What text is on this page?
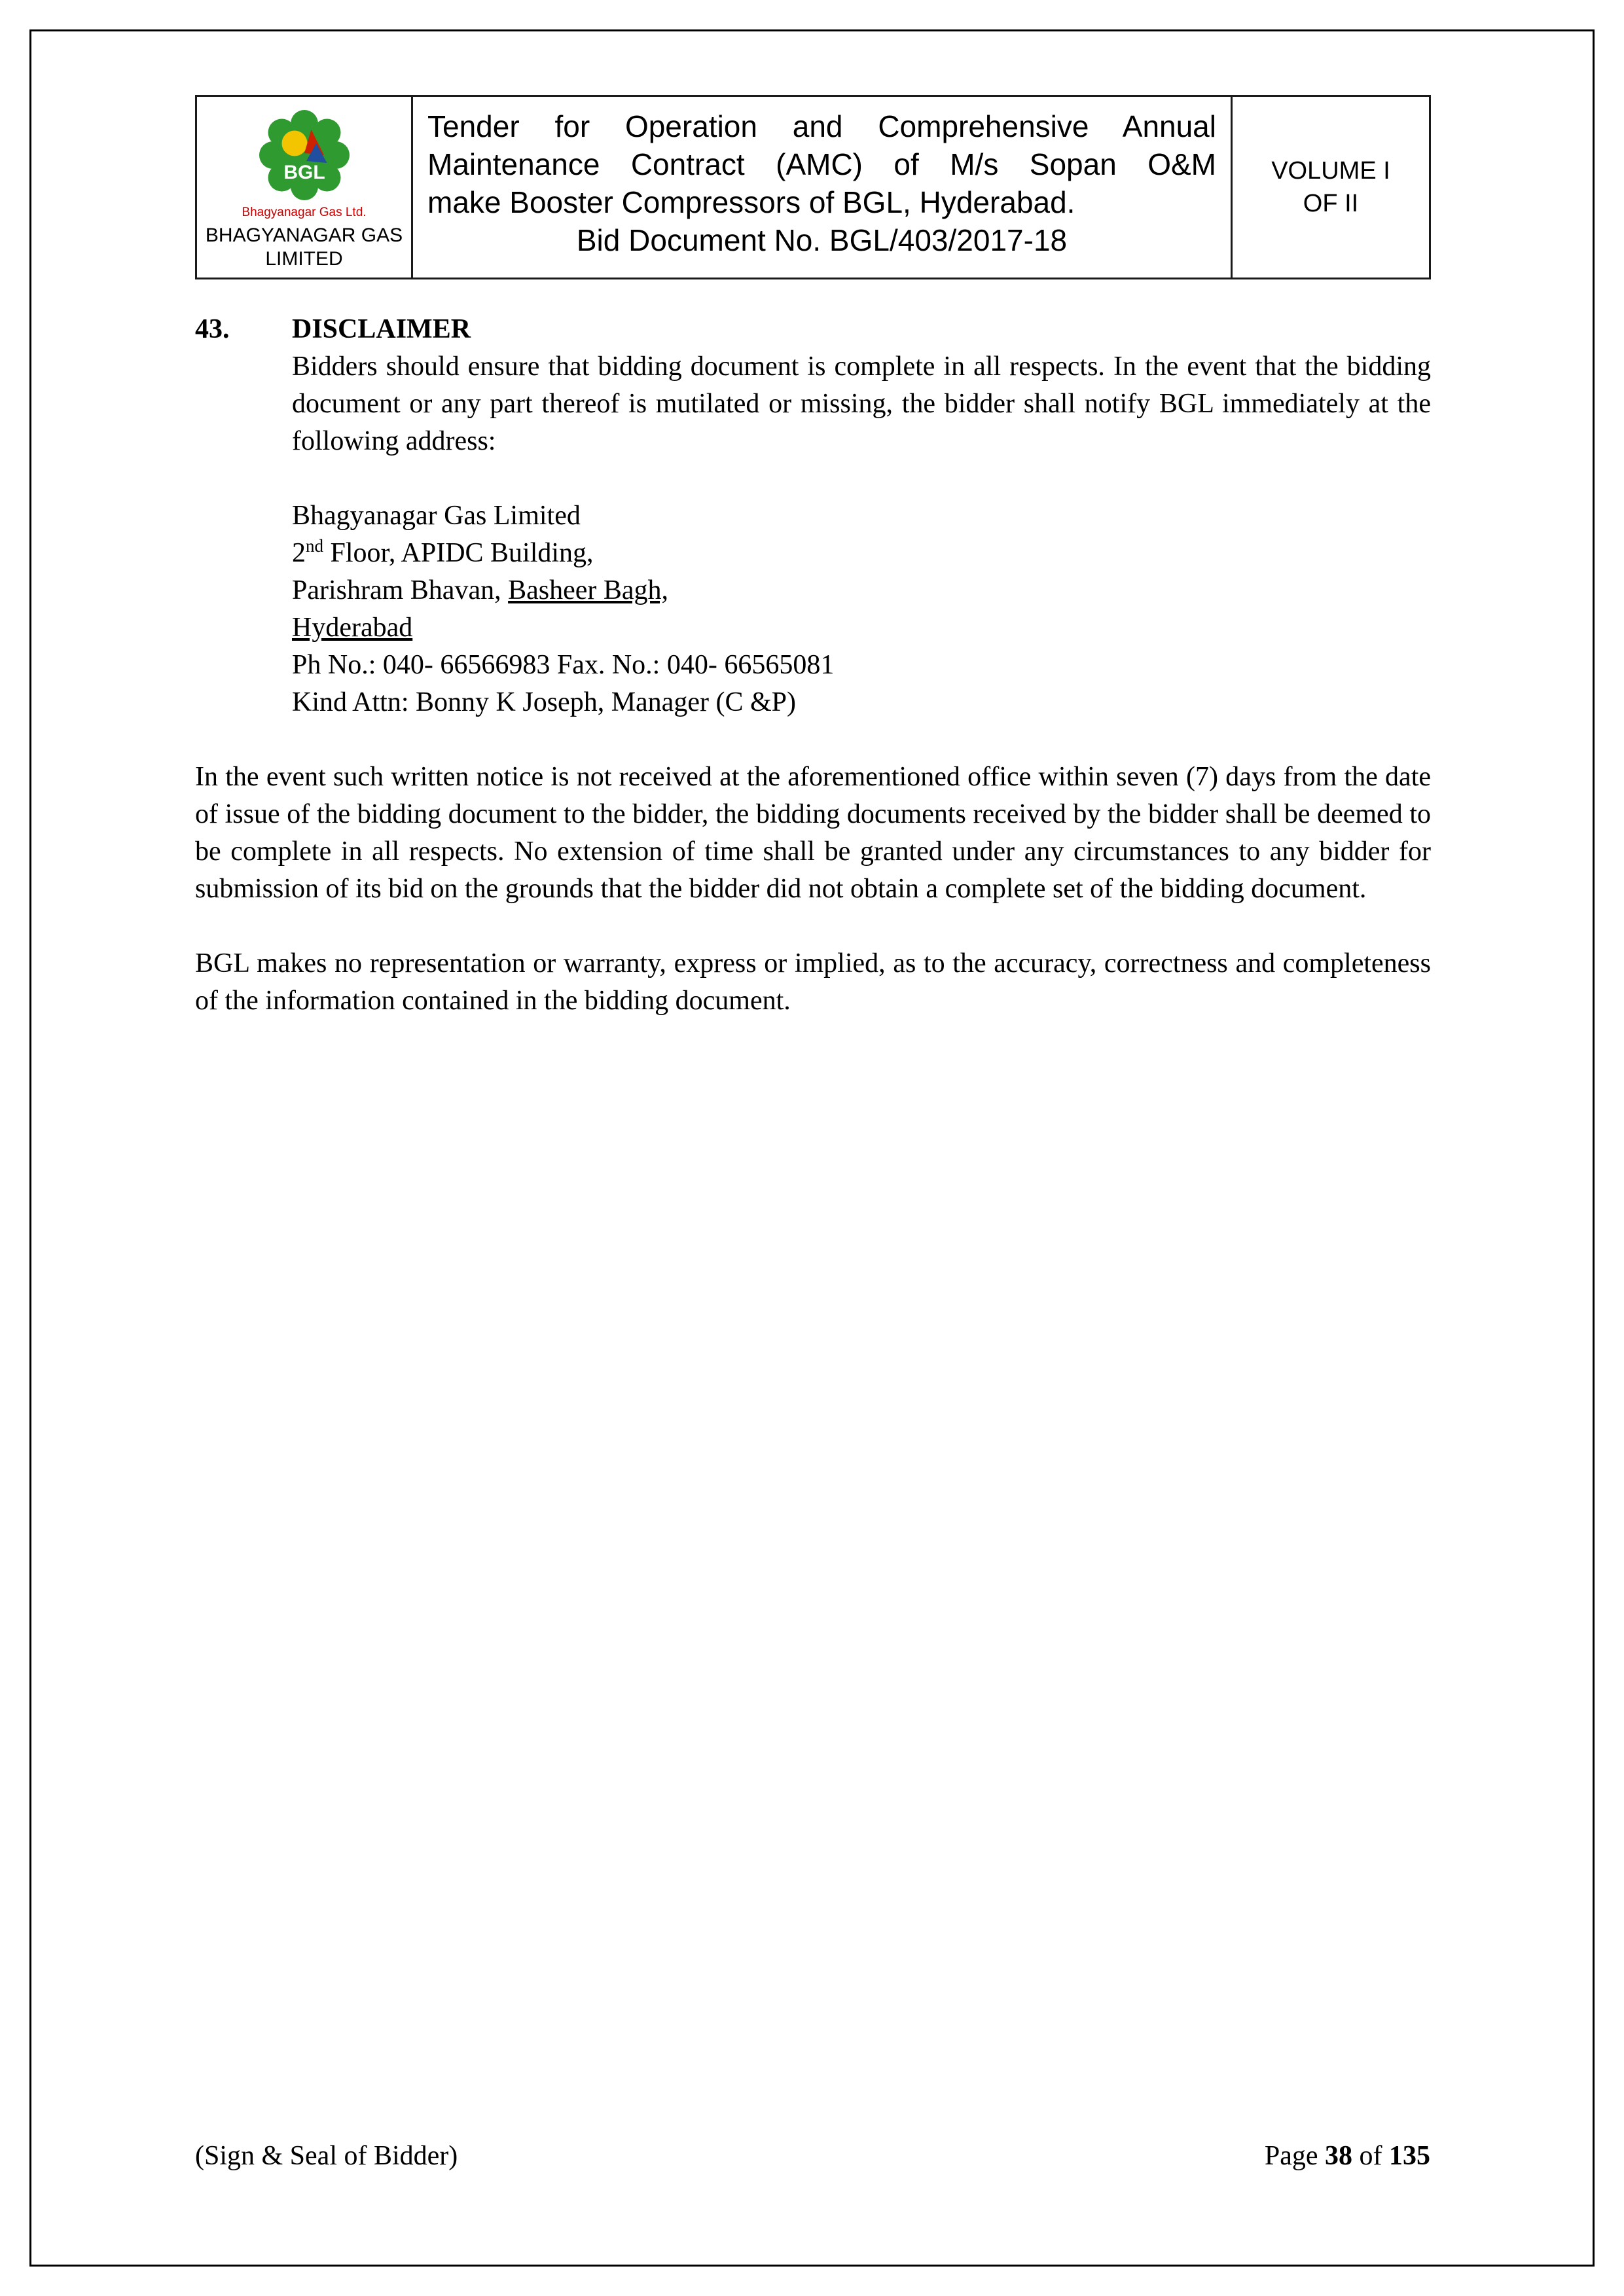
BGL
Bhagyanagar Gas Ltd.
BHAGYANAGAR GAS
LIMITED
Tender for Operation and Comprehensive Annual
Maintenance Contract (AMC) of M/s Sopan O&M
make Booster Compressors of BGL, Hyderabad.
Bid Document No. BGL/403/2017-18
VOLUME I
OF II
43.	DISCLAIMER
Bidders should ensure that bidding document is complete in all respects. In the event that the bidding document or any part thereof is mutilated or missing, the bidder shall notify BGL immediately at the following address:
Bhagyanagar Gas Limited
2nd Floor, APIDC Building,
Parishram Bhavan, Basheer Bagh,
Hyderabad
Ph No.: 040- 66566983 Fax. No.: 040- 66565081
Kind Attn: Bonny K Joseph, Manager (C &P)
In the event such written notice is not received at the aforementioned office within seven (7) days from the date of issue of the bidding document to the bidder, the bidding documents received by the bidder shall be deemed to be complete in all respects. No extension of time shall be granted under any circumstances to any bidder for submission of its bid on the grounds that the bidder did not obtain a complete set of the bidding document.
BGL makes no representation or warranty, express or implied, as to the accuracy, correctness and completeness of the information contained in the bidding document.
(Sign & Seal of Bidder)	Page 38 of 135
